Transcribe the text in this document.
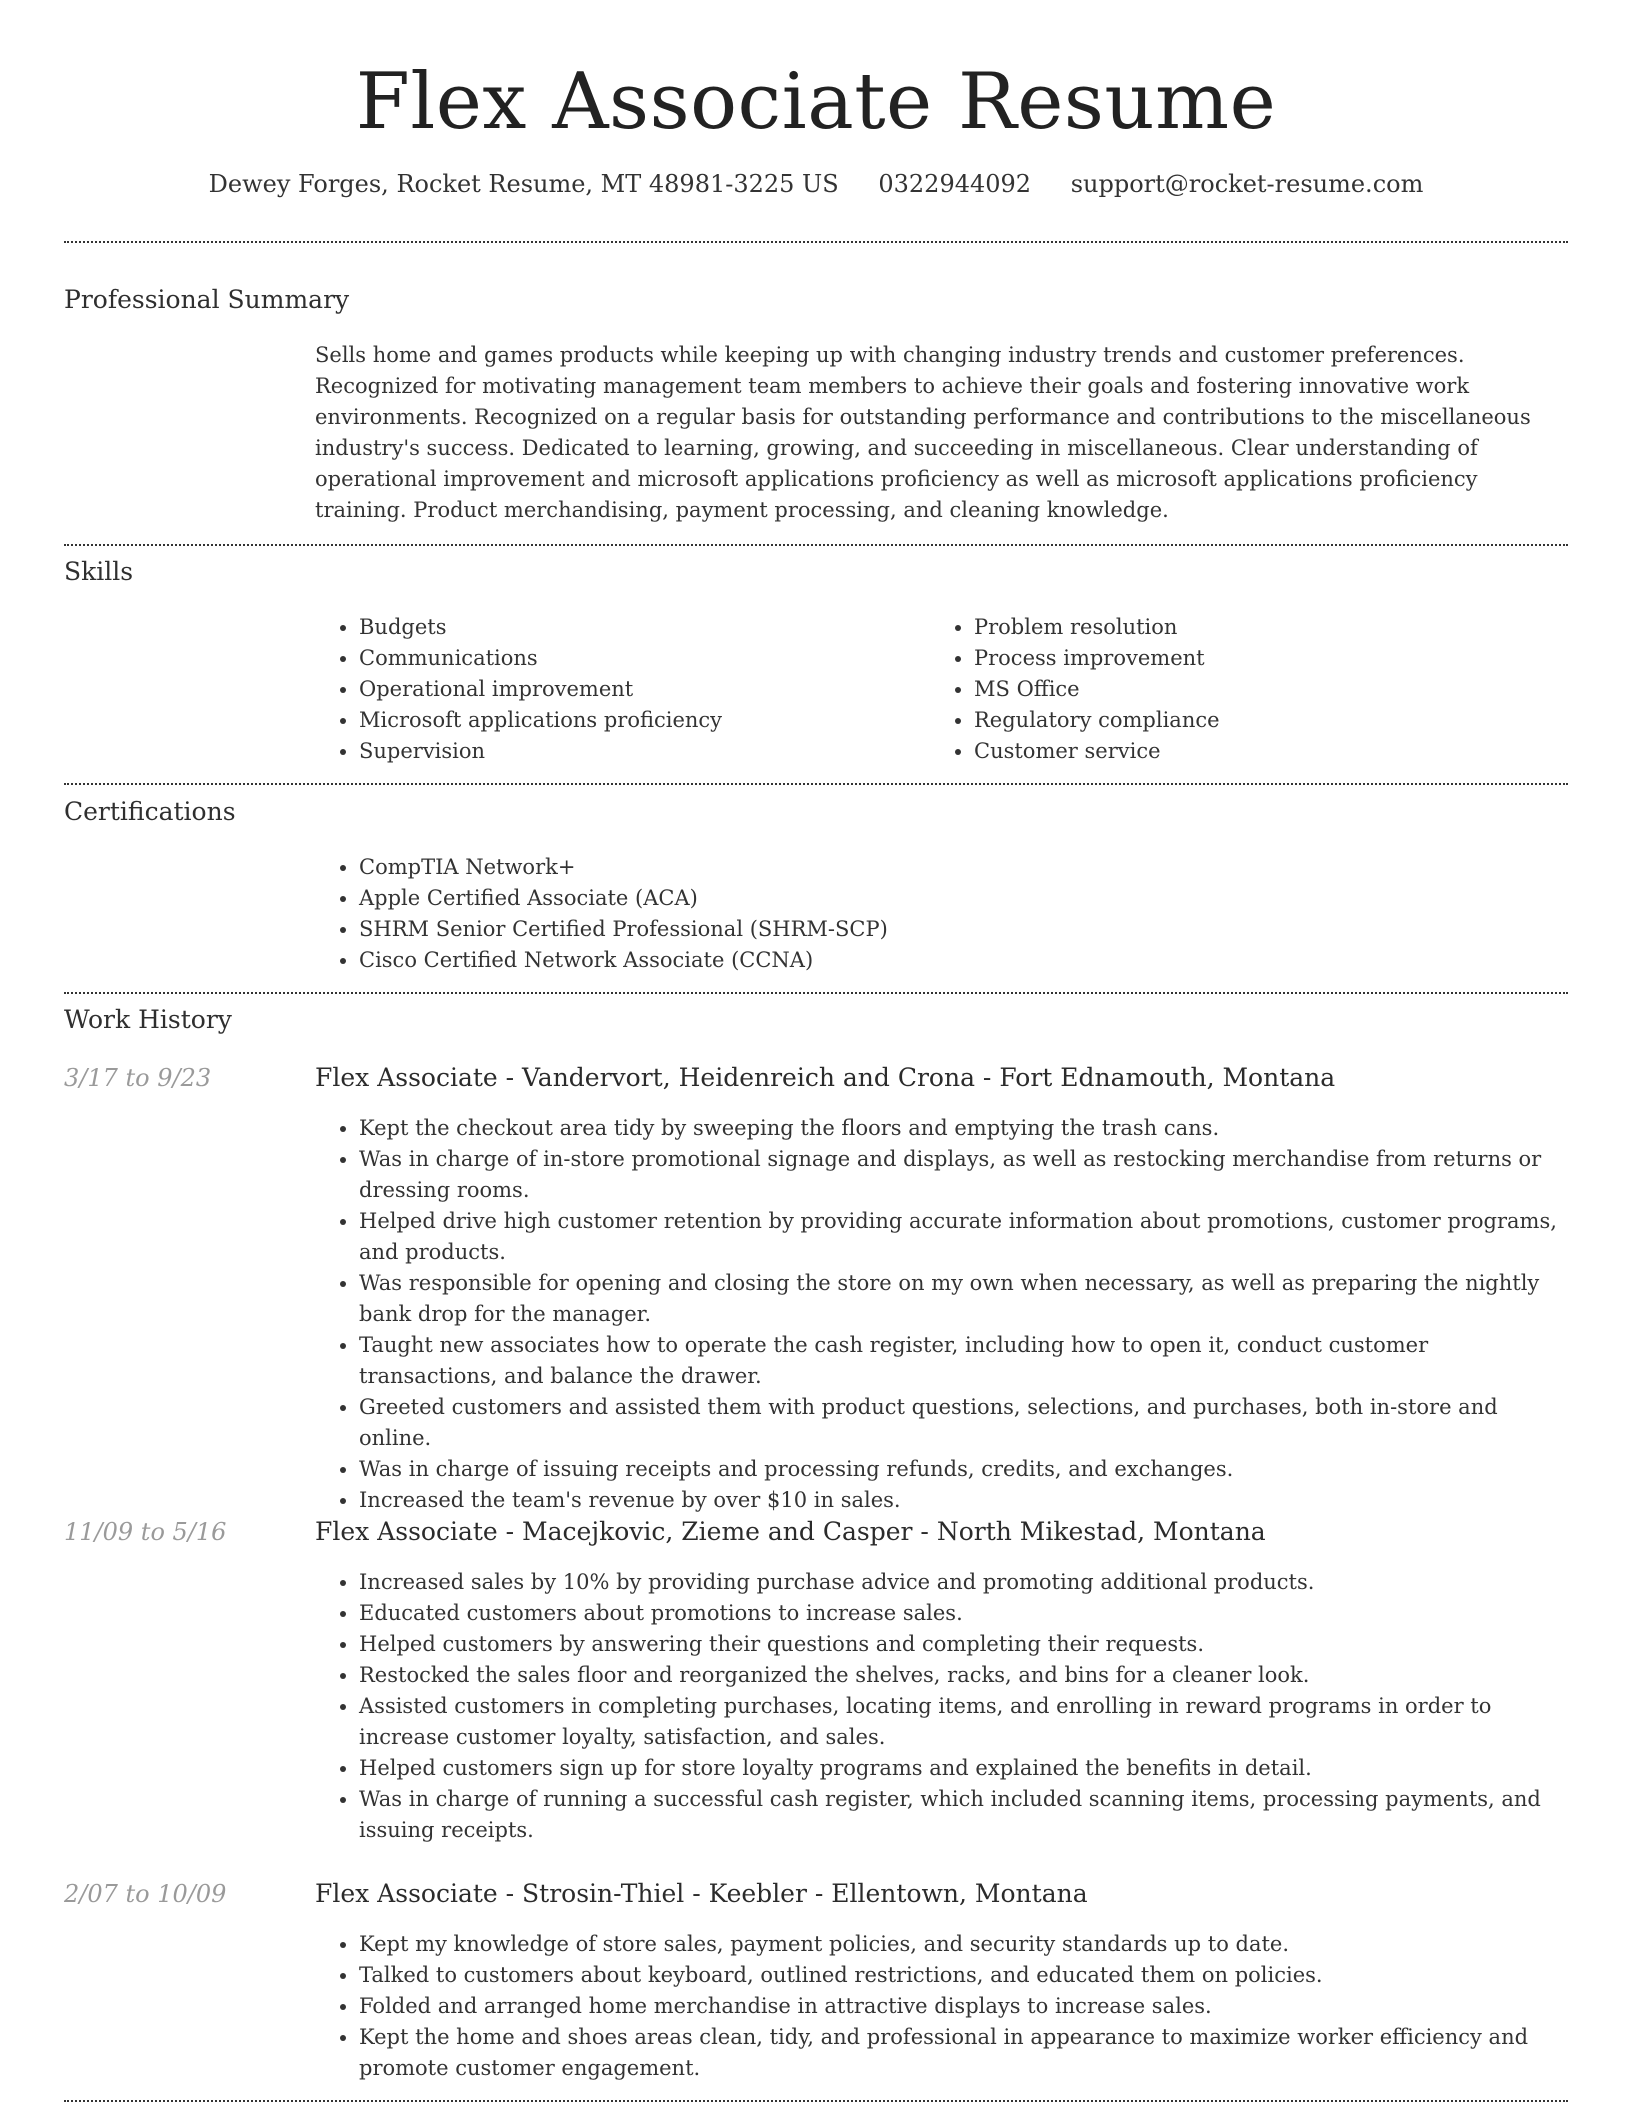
Flex Associate Resume
Dewey Forges, Rocket Resume, MT 48981-3225 US 0322944092 support@rocket-resume.com
Professional Summary

Sells home and games products while keeping up with changing industry trends and customer preferences. Recognized for motivating management team members to achieve their goals and fostering innovative work environments. Recognized on a regular basis for outstanding performance and contributions to the miscellaneous industry's success. Dedicated to learning, growing, and succeeding in miscellaneous. Clear understanding of operational improvement and microsoft applications proficiency as well as microsoft applications proficiency training. Product merchandising, payment processing, and cleaning knowledge.

Skills
• Budgets
• Communications
• Operational improvement
• Microsoft applications proficiency
• Supervision
• Problem resolution
• Process improvement
• MS Office
• Regulatory compliance
• Customer service
Certifications
• CompTIA Network+
• Apple Certified Associate (ACA)
• SHRM Senior Certified Professional (SHRM-SCP)
• Cisco Certified Network Associate (CCNA)
Work History
3/17 to 9/23	Flex Associate - Vandervort, Heidenreich and Crona - Fort Ednamouth, Montana
• Kept the checkout area tidy by sweeping the floors and emptying the trash cans.
• Was in charge of in-store promotional signage and displays, as well as restocking merchandise from returns or dressing rooms.
• Helped drive high customer retention by providing accurate information about promotions, customer programs, and products.
• Was responsible for opening and closing the store on my own when necessary, as well as preparing the nightly bank drop for the manager.
• Taught new associates how to operate the cash register, including how to open it, conduct customer transactions, and balance the drawer.
• Greeted customers and assisted them with product questions, selections, and purchases, both in-store and online.
• Was in charge of issuing receipts and processing refunds, credits, and exchanges.
• Increased the team's revenue by over $10 in sales.
11/09 to 5/16	Flex Associate - Macejkovic, Zieme and Casper - North Mikestad, Montana
• Increased sales by 10% by providing purchase advice and promoting additional products.
• Educated customers about promotions to increase sales.
• Helped customers by answering their questions and completing their requests.
• Restocked the sales floor and reorganized the shelves, racks, and bins for a cleaner look.
• Assisted customers in completing purchases, locating items, and enrolling in reward programs in order to increase customer loyalty, satisfaction, and sales.
• Helped customers sign up for store loyalty programs and explained the benefits in detail.
• Was in charge of running a successful cash register, which included scanning items, processing payments, and issuing receipts.
2/07 to 10/09	Flex Associate - Strosin-Thiel - Keebler - Ellentown, Montana
• Kept my knowledge of store sales, payment policies, and security standards up to date.
• Talked to customers about keyboard, outlined restrictions, and educated them on policies.
• Folded and arranged home merchandise in attractive displays to increase sales.
• Kept the home and shoes areas clean, tidy, and professional in appearance to maximize worker efficiency and promote customer engagement.
